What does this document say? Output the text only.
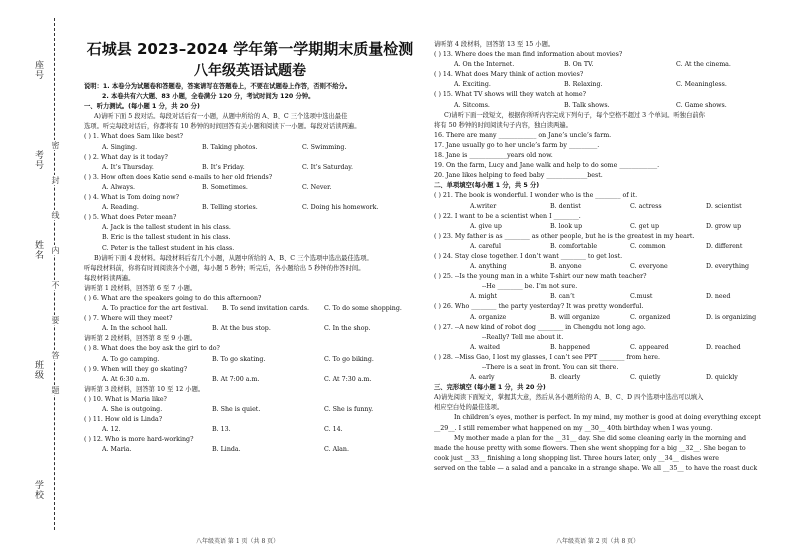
座号
考号
姓名
班级
学校
密
封
线
内
不
要
答
题
石城县 2023–2024 学年第一学期期末质量检测
八年级英语试题卷
说明：1. 本卷分为试题卷和答题卷，答案请写在答题卷上，不要在试题卷上作答，否则不给分。
2. 本卷共有六大题、83 小题，全卷满分 120 分，考试时间为 120 分钟。
一、听力测试。(每小题 1 分，共 20 分)
A)请听下面 5 段对话。每段对话后有一小题，从题中所给的 A、B、C 三个选项中选出最佳
选项。听完每段对话后，你都将有 10 秒钟的时间回答有关小题和阅读下一小题。每段对话读两遍。
( ) 1. What does Sam like best?
A. Singing.	B. Taking photos.	C. Swimming.
( ) 2. What day is it today?
A. It’s Thursday.	B. It’s Friday.	C. It’s Saturday.
( ) 3. How often does Katie send e-mails to her old friends?
A. Always.	B. Sometimes.	C. Never.
( ) 4. What is Tom doing now?
A. Reading.	B. Telling stories.	C. Doing his homework.
( ) 5. What does Peter mean?
A. Jack is the tallest student in his class.
B. Eric is the tallest student in his class.
C. Peter is the tallest student in his class.
B)请听下面 4 段材料。每段材料后有几个小题，从题中所给的 A、B、C 三个选项中选出最佳选项。
听每段材料前，你将有时间阅读各个小题，每小题 5 秒钟；听完后，各小题给出 5 秒钟的作答时间。
每段材料读两遍。
请听第 1 段材料，回答第 6 至 7 小题。
( ) 6. What are the speakers going to do this afternoon?
A. To practice for the art festival.	B. To send invitation cards.	C. To do some shopping.
( ) 7. Where will they meet?
A. In the school hall.	B. At the bus stop.	C. In the shop.
请听第 2 段材料，回答第 8 至 9 小题。
( ) 8. What does the boy ask the girl to do?
A. To go camping.	B. To go skating.	C. To go biking.
( ) 9. When will they go skating?
A. At 6:30 a.m.	B. At 7:00 a.m.	C. At 7:30 a.m.
请听第 3 段材料，回答第 10 至 12 小题。
( ) 10. What is Maria like?
A. She is outgoing.	B. She is quiet.	C. She is funny.
( ) 11. How old is Linda?
A. 12.	B. 13.	C. 14.
( ) 12. Who is more hard-working?
A. Maria.	B. Linda.	C. Alan.
八年级英语 第 1 页（共 8 页）
请听第 4 段材料，回答第 13 至 15 小题。
( ) 13. Where does the man find information about movies?
A. On the Internet.	B. On TV.	C. At the cinema.
( ) 14. What does Mary think of action movies?
A. Exciting.	B. Relaxing.	C. Meaningless.
( ) 15. What TV shows will they watch at home?
A. Sitcoms.	B. Talk shows.	C. Game shows.
C)请听下面一段短文，根据你所听内容完成下列句子，每个空格不超过 3 个单词。听独白前你
将有 50 秒钟的时间阅读句子内容，独白读两遍。
16. There are many ____________ on Jane’s uncle’s farm.
17. Jane usually go to her uncle’s farm by _________.
18. Jane is ____________years old now.
19. On the farm, Lucy and Jane walk and help to do some ____________.
20. Jane likes helping to feed baby _____________best.
二、单项填空(每小题 1 分，共 5 分)
( ) 21. The book is wonderful. I wonder who is the ________ of it.
A.writer	B. dentist	C. actress	D. scientist
( ) 22. I want to be a scientist when I ________.
A. give up	B. look up	C. get up	D. grow up
( ) 23. My father is as ________ as other people, but he is the greatest in my heart.
A. careful	B. comfortable	C. common	D. different
( ) 24. Stay close together. I don’t want ________ to get lost.
A. anything	B. anyone	C. everyone	D. everything
( ) 25. --Is the young man in a white T-shirt our new math teacher?
--He ________ be. I’m not sure.
A. might	B. can’t	C.must	D. need
( ) 26. Who ________ the party yesterday? It was pretty wonderful.
A. organize	B. will organize	C. organized	D. is organizing
( ) 27. --A new kind of robot dog ________ in Chengdu not long ago.
--Really? Tell me about it.
A. waited	B. happened	C. appeared	D. reached
( ) 28. --Miss Gao, I lost my glasses, I can’t see PPT ________ from here.
--There is a seat in front. You can sit there.
A. early	B. clearly	C. quietly	D. quickly
三、完形填空 (每小题 1 分，共 20 分)
A)请先阅读下面短文，掌握其大意，然后从各小题所给的 A、B、C、D 四个选项中选出可以填入
相应空白处的最佳选项。
In children’s eyes, mother is perfect. In my mind, my mother is good at doing everything except
__29__. I still remember what happened on my __30__ 40th birthday when I was young.
My mother made a plan for the __31__ day. She did some cleaning early in the morning and
made the house pretty with some flowers. Then she went shopping for a big __32__. She began to
cook just __33__ finishing a long shopping list. Three hours later, only __34__ dishes were
served on the table — a salad and a pancake in a strange shape. We all __35__ to have the roast duck
八年级英语 第 2 页（共 8 页）
